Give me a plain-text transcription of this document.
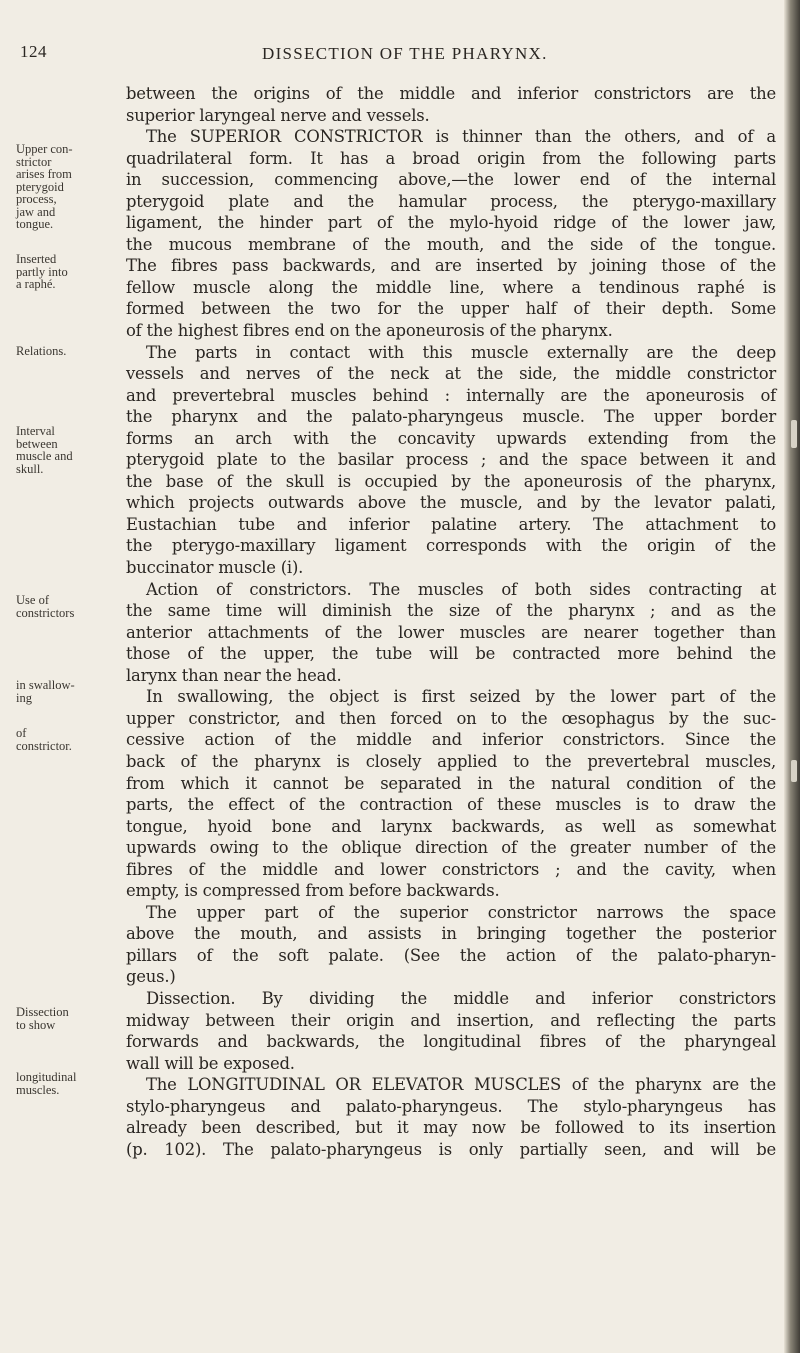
124	DISSECTION OF THE PHARYNX.
Upper con-
strictor
arises from
pterygoid
process,
jaw and
tongue.
Inserted
partly into
a raphé.
Relations.
Interval
between
muscle and
skull.
Use of
constrictors
in swallow-
ing
of
constrictor.
Dissection
to show
longitudinal
muscles.
between the origins of the middle and inferior constrictors are the
superior laryngeal nerve and vessels.
The SUPERIOR CONSTRICTOR is thinner than the others, and of a
quadrilateral form. It has a broad origin from the following parts
in succession, commencing above,—the lower end of the internal
pterygoid plate and the hamular process, the pterygo-maxillary
ligament, the hinder part of the mylo-hyoid ridge of the lower jaw,
the mucous membrane of the mouth, and the side of the tongue.
The fibres pass backwards, and are inserted by joining those of the
fellow muscle along the middle line, where a tendinous raphé is
formed between the two for the upper half of their depth. Some
of the highest fibres end on the aponeurosis of the pharynx.
The parts in contact with this muscle externally are the deep
vessels and nerves of the neck at the side, the middle constrictor
and prevertebral muscles behind : internally are the aponeurosis of
the pharynx and the palato-pharyngeus muscle. The upper border
forms an arch with the concavity upwards extending from the
pterygoid plate to the basilar process ; and the space between it and
the base of the skull is occupied by the aponeurosis of the pharynx,
which projects outwards above the muscle, and by the levator palati,
Eustachian tube and inferior palatine artery. The attachment to
the pterygo-maxillary ligament corresponds with the origin of the
buccinator muscle (i).
Action of constrictors. The muscles of both sides contracting at
the same time will diminish the size of the pharynx ; and as the
anterior attachments of the lower muscles are nearer together than
those of the upper, the tube will be contracted more behind the
larynx than near the head.
In swallowing, the object is first seized by the lower part of the
upper constrictor, and then forced on to the œsophagus by the suc-
cessive action of the middle and inferior constrictors. Since the
back of the pharynx is closely applied to the prevertebral muscles,
from which it cannot be separated in the natural condition of the
parts, the effect of the contraction of these muscles is to draw the
tongue, hyoid bone and larynx backwards, as well as somewhat
upwards owing to the oblique direction of the greater number of the
fibres of the middle and lower constrictors ; and the cavity, when
empty, is compressed from before backwards.
The upper part of the superior constrictor narrows the space
above the mouth, and assists in bringing together the posterior
pillars of the soft palate. (See the action of the palato-pharyn-
geus.)
Dissection. By dividing the middle and inferior constrictors
midway between their origin and insertion, and reflecting the parts
forwards and backwards, the longitudinal fibres of the pharyngeal
wall will be exposed.
The LONGITUDINAL OR ELEVATOR MUSCLES of the pharynx are the
stylo-pharyngeus and palato-pharyngeus. The stylo-pharyngeus has
already been described, but it may now be followed to its insertion
(p. 102). The palato-pharyngeus is only partially seen, and will be
